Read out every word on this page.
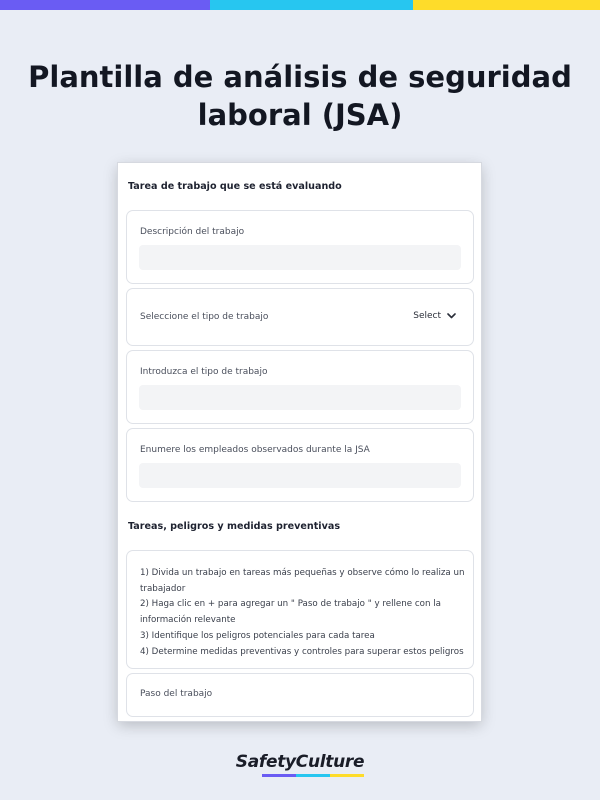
Plantilla de análisis de seguridad laboral (JSA)
Tarea de trabajo que se está evaluando
Descripción del trabajo
Seleccione el tipo de trabajo	Select
Introduzca el tipo de trabajo
Enumere los empleados observados durante la JSA
Tareas, peligros y medidas preventivas
1) Divida un trabajo en tareas más pequeñas y observe cómo lo realiza un trabajador
2) Haga clic en + para agregar un " Paso de trabajo " y rellene con la información relevante
3) Identifique los peligros potenciales para cada tarea
4) Determine medidas preventivas y controles para superar estos peligros
Paso del trabajo
SafetyCulture
